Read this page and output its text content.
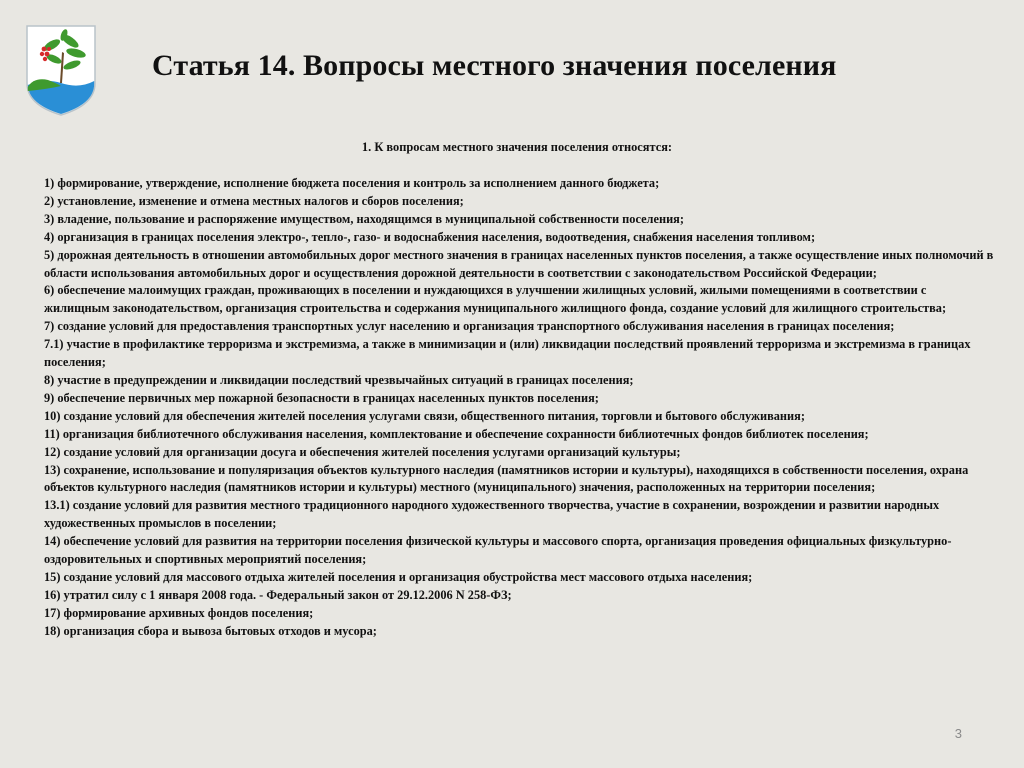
Статья 14. Вопросы местного значения поселения
1. К вопросам местного значения поселения относятся:
1) формирование, утверждение, исполнение бюджета поселения и контроль за исполнением данного бюджета;
2) установление, изменение и отмена местных налогов и сборов поселения;
3) владение, пользование и распоряжение имуществом, находящимся в муниципальной собственности поселения;
4) организация в границах поселения электро-, тепло-, газо- и водоснабжения населения, водоотведения, снабжения населения топливом;
5) дорожная деятельность в отношении автомобильных дорог местного значения в границах населенных пунктов поселения, а также осуществление иных полномочий в области использования автомобильных дорог и осуществления дорожной деятельности в соответствии с законодательством Российской Федерации;
6) обеспечение малоимущих граждан, проживающих в поселении и нуждающихся в улучшении жилищных условий, жилыми помещениями в соответствии с жилищным законодательством, организация строительства и содержания муниципального жилищного фонда, создание условий для жилищного строительства;
7) создание условий для предоставления транспортных услуг населению и организация транспортного обслуживания населения в границах поселения;
7.1) участие в профилактике терроризма и экстремизма, а также в минимизации и (или) ликвидации последствий проявлений терроризма и экстремизма в границах поселения;
8) участие в предупреждении и ликвидации последствий чрезвычайных ситуаций в границах поселения;
9) обеспечение первичных мер пожарной безопасности в границах населенных пунктов поселения;
10) создание условий для обеспечения жителей поселения услугами связи, общественного питания, торговли и бытового обслуживания;
11) организация библиотечного обслуживания населения, комплектование и обеспечение сохранности библиотечных фондов библиотек поселения;
12) создание условий для организации досуга и обеспечения жителей поселения услугами организаций культуры;
13) сохранение, использование и популяризация объектов культурного наследия (памятников истории и культуры), находящихся в собственности поселения, охрана объектов культурного наследия (памятников истории и культуры) местного (муниципального) значения, расположенных на территории поселения;
13.1) создание условий для развития местного традиционного народного художественного творчества, участие в сохранении, возрождении и развитии народных художественных промыслов в поселении;
14) обеспечение условий для развития на территории поселения физической культуры и массового спорта, организация проведения официальных физкультурно-оздоровительных и спортивных мероприятий поселения;
15) создание условий для массового отдыха жителей поселения и организация обустройства мест массового отдыха населения;
16) утратил силу с 1 января 2008 года. - Федеральный закон от 29.12.2006 N 258-ФЗ;
17) формирование архивных фондов поселения;
18) организация сбора и вывоза бытовых отходов и мусора;
3
